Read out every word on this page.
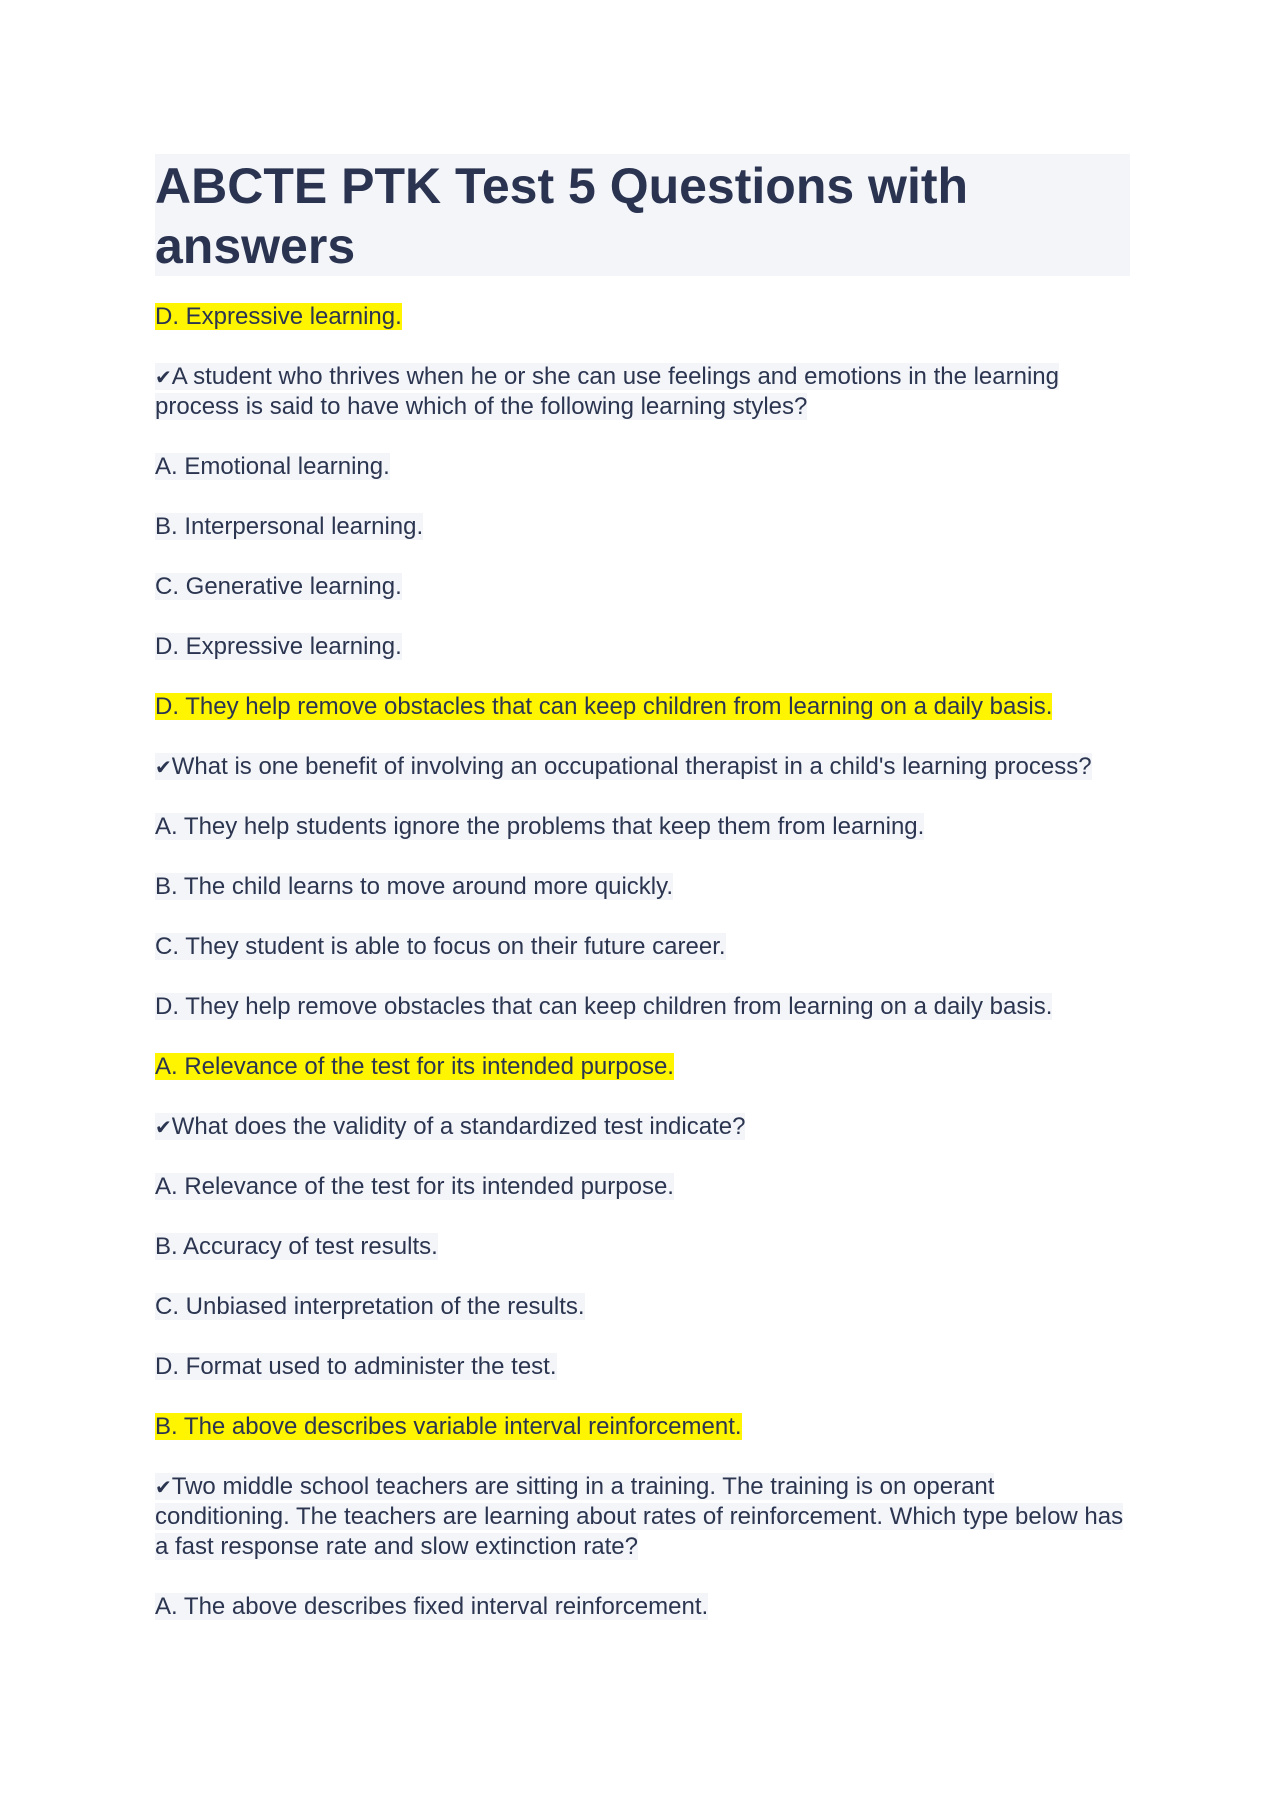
ABCTE PTK Test 5 Questions with answers

D. Expressive learning.

✔A student who thrives when he or she can use feelings and emotions in the learning process is said to have which of the following learning styles?

A. Emotional learning.

B. Interpersonal learning.

C. Generative learning.

D. Expressive learning.

D. They help remove obstacles that can keep children from learning on a daily basis.

✔What is one benefit of involving an occupational therapist in a child's learning process?

A. They help students ignore the problems that keep them from learning.

B. The child learns to move around more quickly.

C. They student is able to focus on their future career.

D. They help remove obstacles that can keep children from learning on a daily basis.

A. Relevance of the test for its intended purpose.

✔What does the validity of a standardized test indicate?

A. Relevance of the test for its intended purpose.

B. Accuracy of test results.

C. Unbiased interpretation of the results.

D. Format used to administer the test.

B. The above describes variable interval reinforcement.

✔Two middle school teachers are sitting in a training. The training is on operant conditioning. The teachers are learning about rates of reinforcement. Which type below has a fast response rate and slow extinction rate?

A. The above describes fixed interval reinforcement.
